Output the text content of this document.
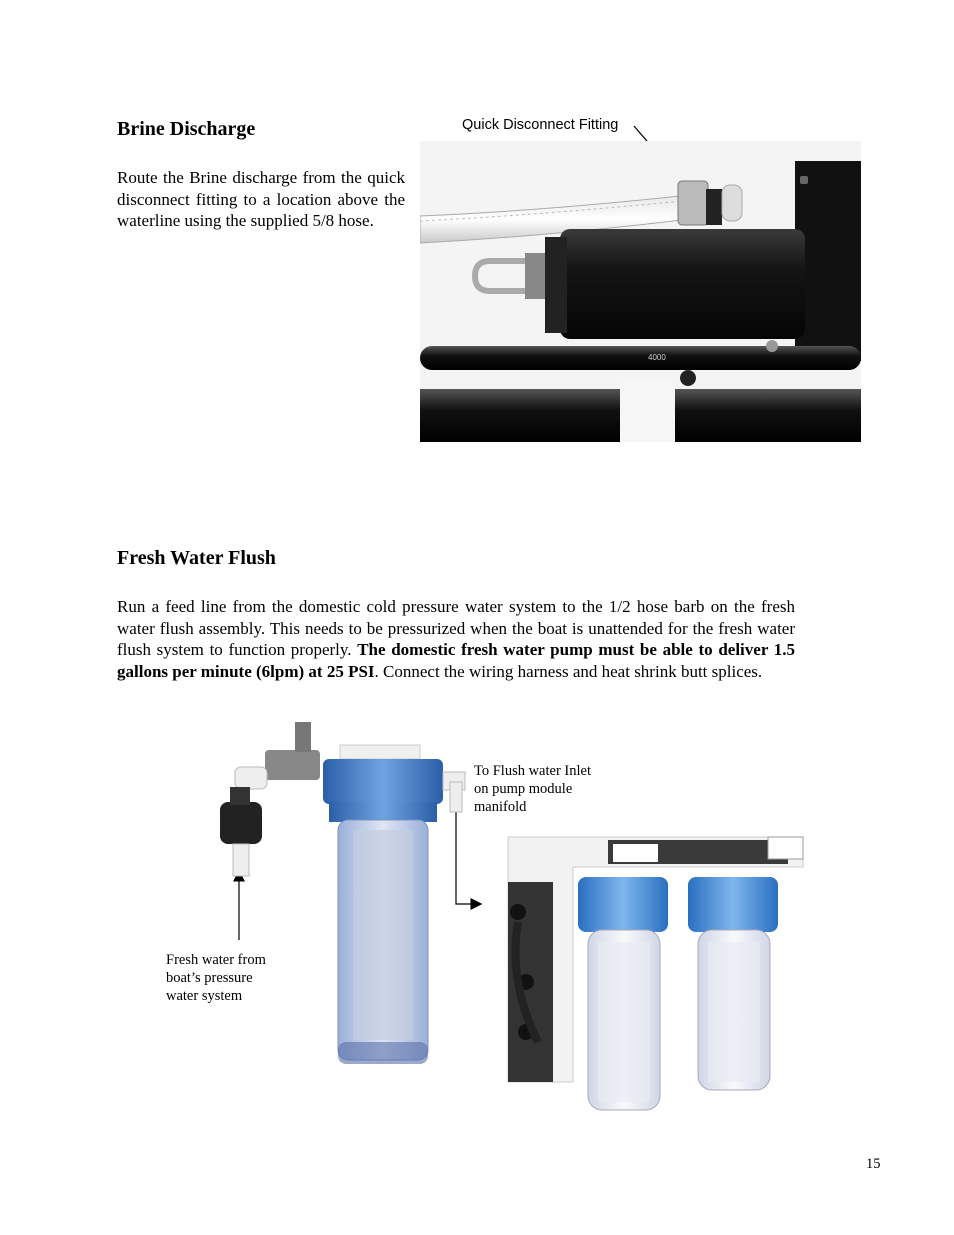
Brine Discharge

Route the Brine discharge from the quick disconnect fitting to a location above the waterline using the supplied 5/8 hose.

Quick Disconnect Fitting
4000
Fresh Water Flush

Run a feed line from the domestic cold pressure water system to the 1/2 hose barb on the fresh water flush assembly. This needs to be pressurized when the boat is unattended for the fresh water flush system to function properly. The domestic fresh water pump must be able to deliver 1.5 gallons per minute (6lpm) at 25 PSI. Connect the wiring harness and heat shrink butt splices.

To Flush water Inlet
on pump module
manifold
Fresh water from
boat’s pressure
water system
15
